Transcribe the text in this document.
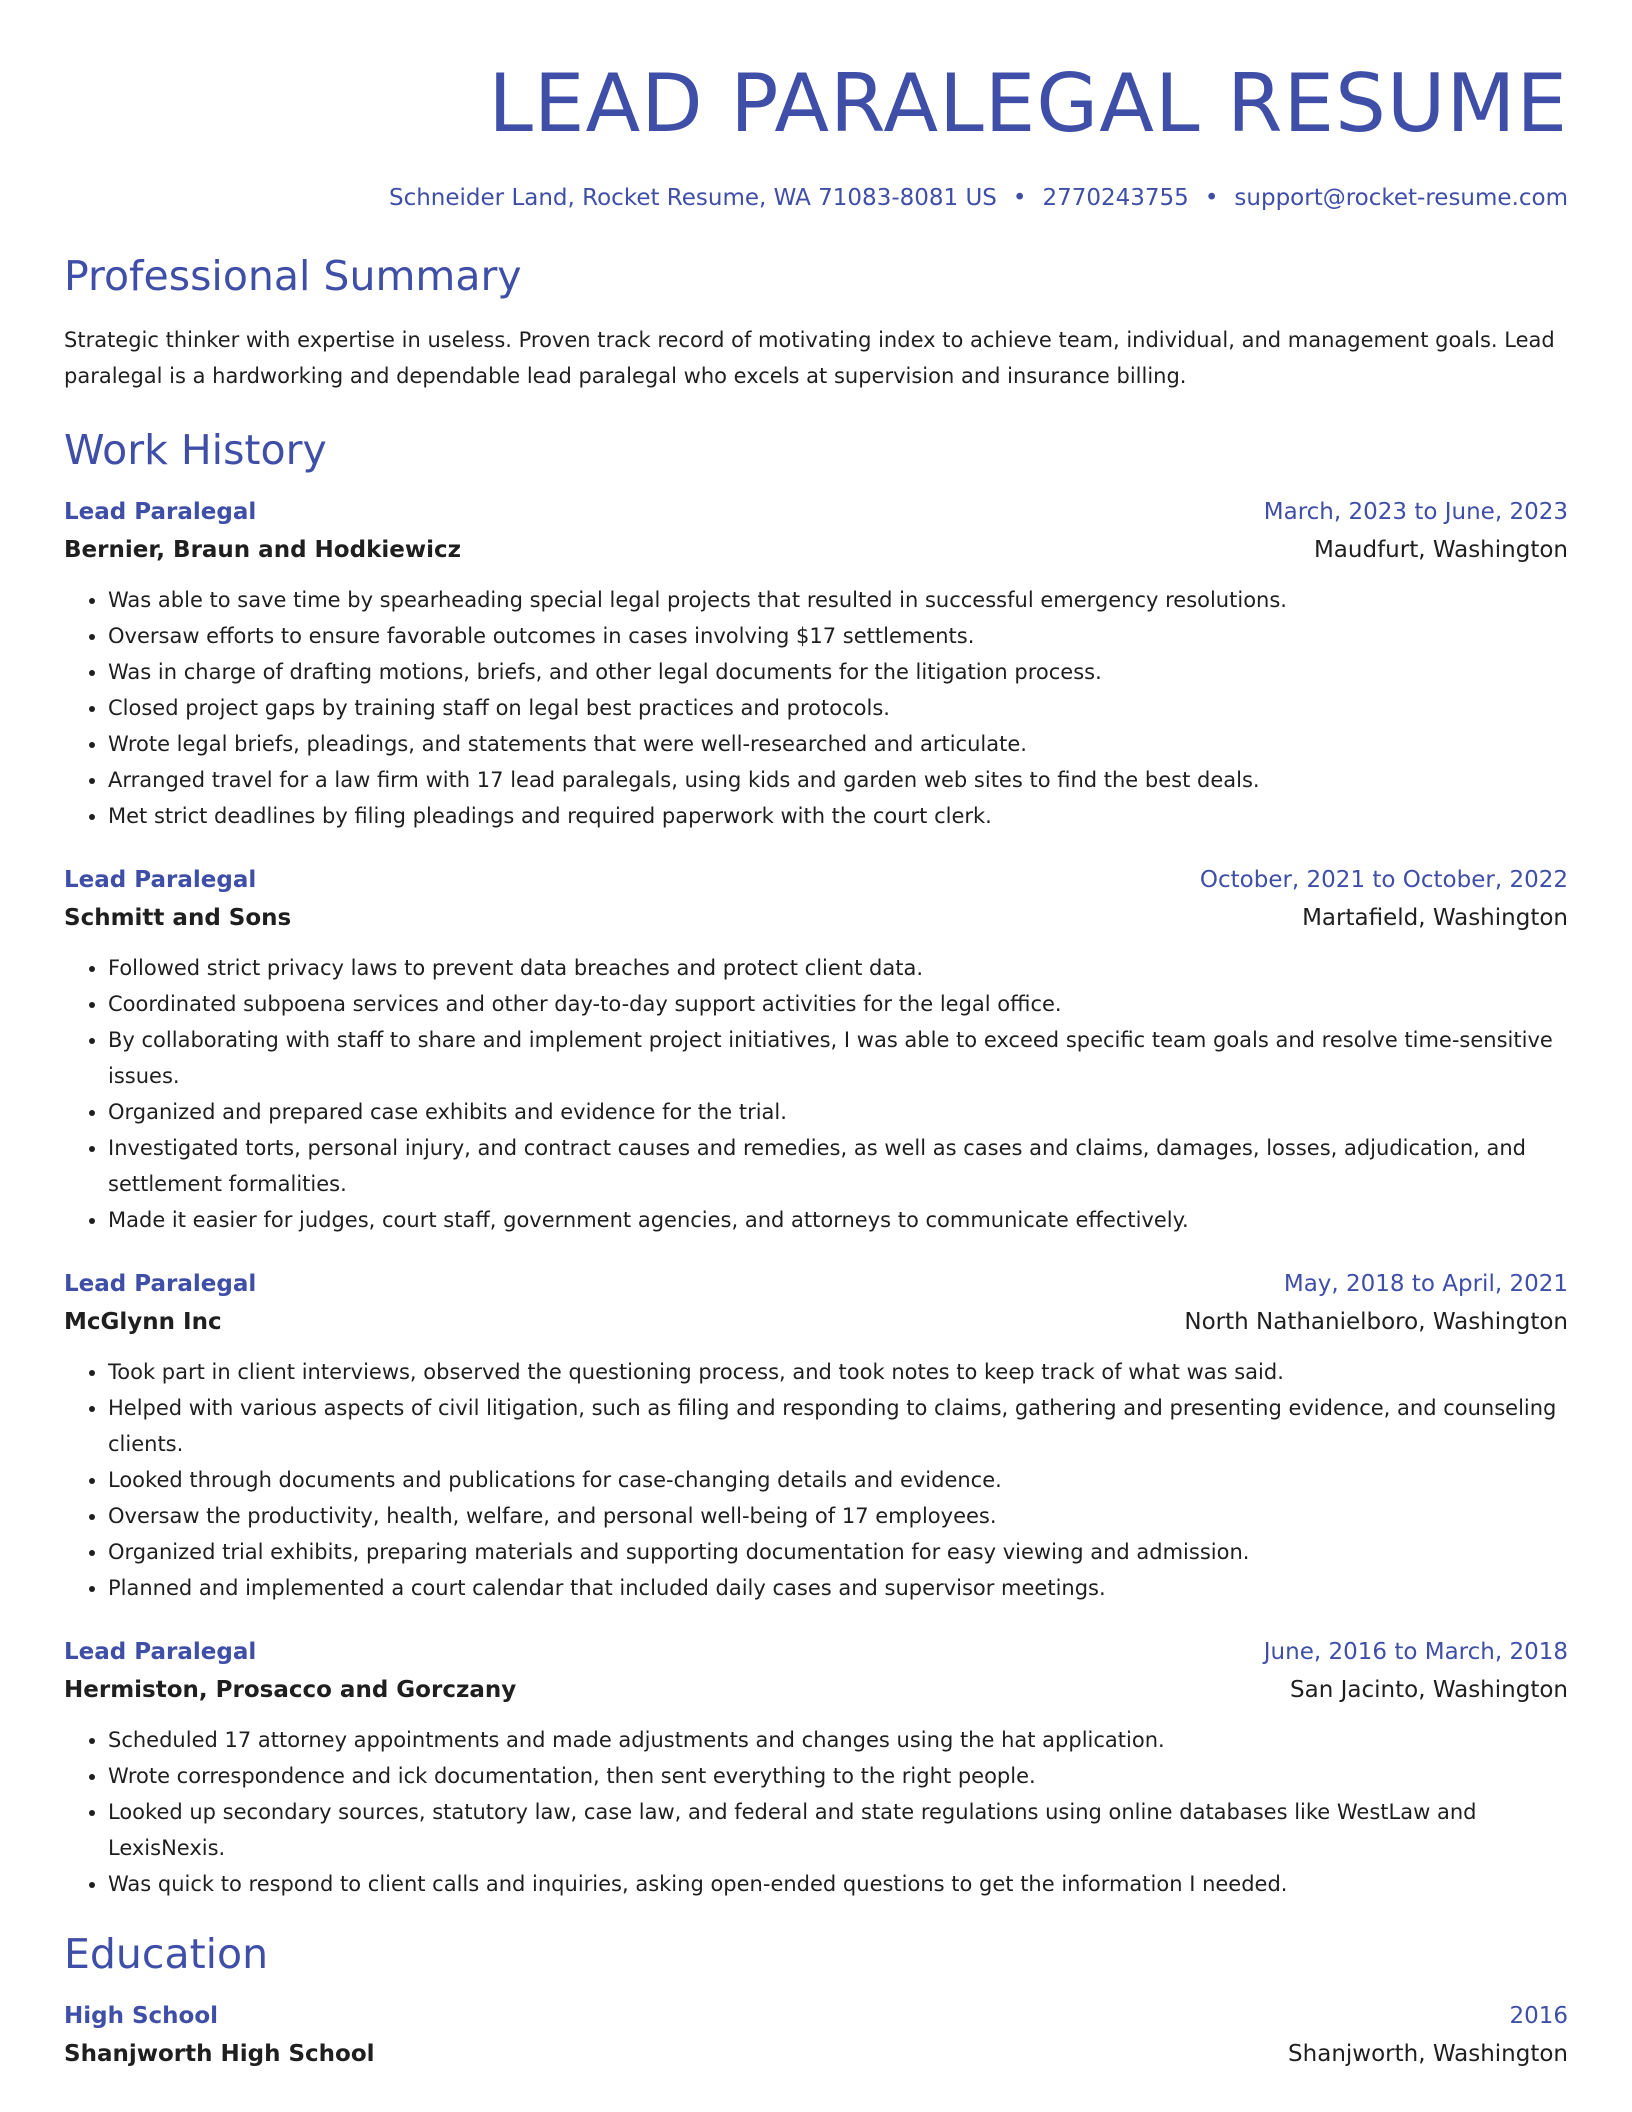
LEAD PARALEGAL RESUME
Schneider Land, Rocket Resume, WA 71083-8081 US • 2770243755 • support@rocket-resume.com
Professional Summary
Strategic thinker with expertise in useless. Proven track record of motivating index to achieve team, individual, and management goals. Lead paralegal is a hardworking and dependable lead paralegal who excels at supervision and insurance billing.
Work History
Lead Paralegal	March, 2023 to June, 2023
Bernier, Braun and Hodkiewicz	Maudfurt, Washington
• Was able to save time by spearheading special legal projects that resulted in successful emergency resolutions.
• Oversaw efforts to ensure favorable outcomes in cases involving $17 settlements.
• Was in charge of drafting motions, briefs, and other legal documents for the litigation process.
• Closed project gaps by training staff on legal best practices and protocols.
• Wrote legal briefs, pleadings, and statements that were well-researched and articulate.
• Arranged travel for a law firm with 17 lead paralegals, using kids and garden web sites to find the best deals.
• Met strict deadlines by filing pleadings and required paperwork with the court clerk.
Lead Paralegal	October, 2021 to October, 2022
Schmitt and Sons	Martafield, Washington
• Followed strict privacy laws to prevent data breaches and protect client data.
• Coordinated subpoena services and other day-to-day support activities for the legal office.
• By collaborating with staff to share and implement project initiatives, I was able to exceed specific team goals and resolve time-sensitive issues.
• Organized and prepared case exhibits and evidence for the trial.
• Investigated torts, personal injury, and contract causes and remedies, as well as cases and claims, damages, losses, adjudication, and settlement formalities.
• Made it easier for judges, court staff, government agencies, and attorneys to communicate effectively.
Lead Paralegal	May, 2018 to April, 2021
McGlynn Inc	North Nathanielboro, Washington
• Took part in client interviews, observed the questioning process, and took notes to keep track of what was said.
• Helped with various aspects of civil litigation, such as filing and responding to claims, gathering and presenting evidence, and counseling clients.
• Looked through documents and publications for case-changing details and evidence.
• Oversaw the productivity, health, welfare, and personal well-being of 17 employees.
• Organized trial exhibits, preparing materials and supporting documentation for easy viewing and admission.
• Planned and implemented a court calendar that included daily cases and supervisor meetings.
Lead Paralegal	June, 2016 to March, 2018
Hermiston, Prosacco and Gorczany	San Jacinto, Washington
• Scheduled 17 attorney appointments and made adjustments and changes using the hat application.
• Wrote correspondence and ick documentation, then sent everything to the right people.
• Looked up secondary sources, statutory law, case law, and federal and state regulations using online databases like WestLaw and LexisNexis.
• Was quick to respond to client calls and inquiries, asking open-ended questions to get the information I needed.
Education
High School	2016
Shanjworth High School	Shanjworth, Washington
